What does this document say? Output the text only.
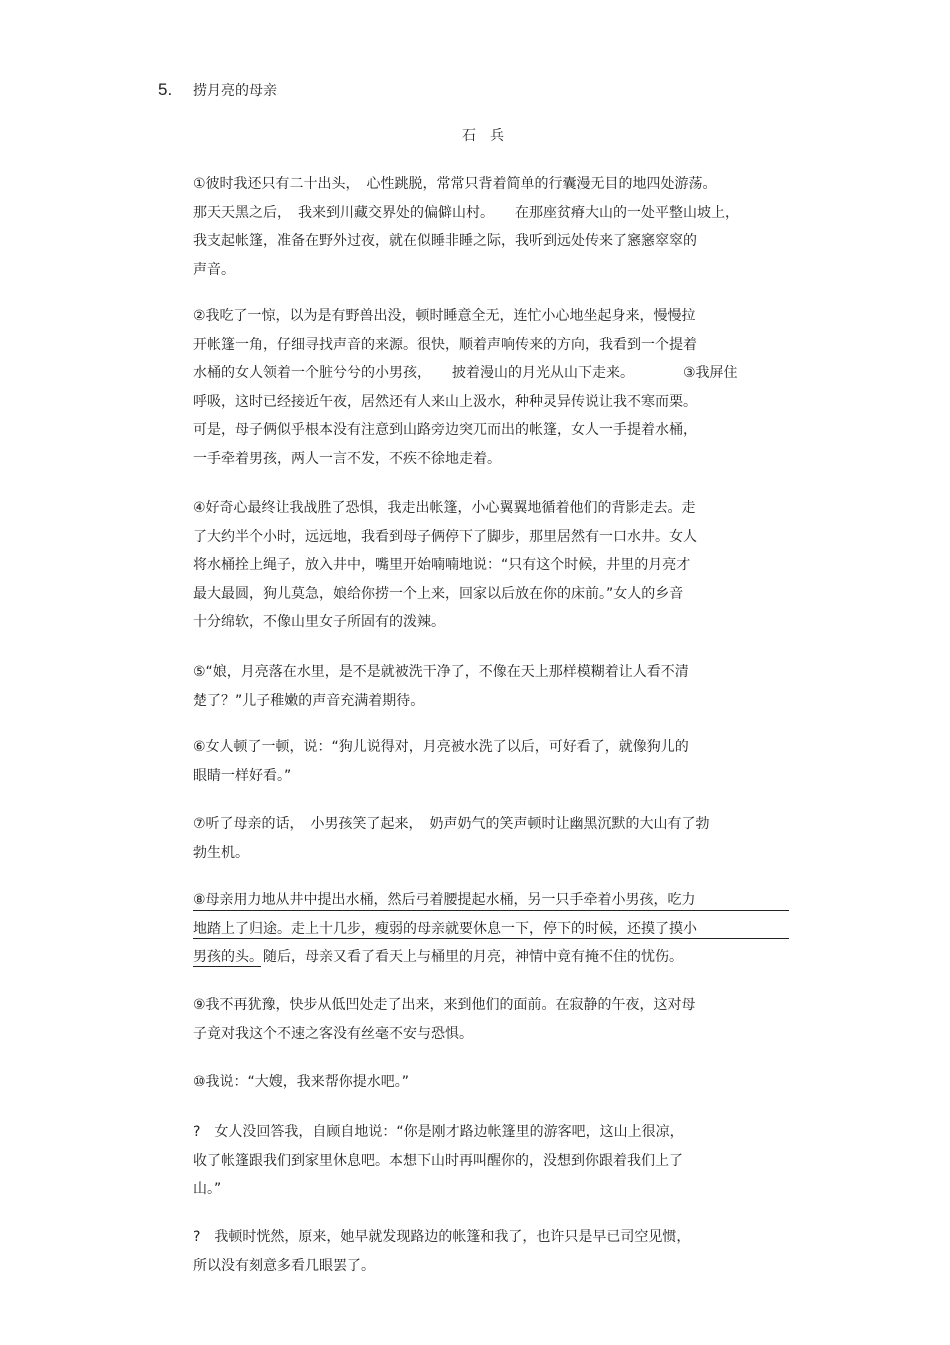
5. 捞月亮的母亲
石兵

①彼时我还只有二十出头，　心性跳脱，常常只背着简单的行囊漫无目的地四处游荡。
那天天黑之后，　我来到川藏交界处的偏僻山村。　　在那座贫瘠大山的一处平整山坡上，
我支起帐篷，准备在野外过夜，就在似睡非睡之际，我听到远处传来了窸窸窣窣的
声音。

②我吃了一惊，以为是有野兽出没，顿时睡意全无，连忙小心地坐起身来，慢慢拉
开帐篷一角，仔细寻找声音的来源。很快，顺着声响传来的方向，我看到一个提着
水桶的女人领着一个脏兮兮的小男孩，　　披着漫山的月光从山下走来。　　　　③我屏住
呼吸，这时已经接近午夜，居然还有人来山上汲水，种种灵异传说让我不寒而栗。
可是，母子俩似乎根本没有注意到山路旁边突兀而出的帐篷，女人一手提着水桶，
一手牵着男孩，两人一言不发，不疾不徐地走着。

④好奇心最终让我战胜了恐惧，我走出帐篷，小心翼翼地循着他们的背影走去。走
了大约半个小时，远远地，我看到母子俩停下了脚步，那里居然有一口水井。女人
将水桶拴上绳子，放入井中，嘴里开始喃喃地说：“只有这个时候，井里的月亮才
最大最圆，狗儿莫急，娘给你捞一个上来，回家以后放在你的床前。”女人的乡音
十分绵软，不像山里女子所固有的泼辣。

⑤“娘，月亮落在水里，是不是就被洗干净了，不像在天上那样模糊着让人看不清
楚了？”儿子稚嫩的声音充满着期待。

⑥女人顿了一顿，说：“狗儿说得对，月亮被水洗了以后，可好看了，就像狗儿的
眼睛一样好看。”

⑦听了母亲的话，　小男孩笑了起来，　奶声奶气的笑声顿时让幽黑沉默的大山有了勃
勃生机。

⑧母亲用力地从井中提出水桶，然后弓着腰提起水桶，另一只手牵着小男孩，吃力
地踏上了归途。走上十几步，瘦弱的母亲就要休息一下，停下的时候，还摸了摸小
男孩的头。随后，母亲又看了看天上与桶里的月亮，神情中竟有掩不住的忧伤。

⑨我不再犹豫，快步从低凹处走了出来，来到他们的面前。在寂静的午夜，这对母
子竟对我这个不速之客没有丝毫不安与恐惧。

⑩我说：“大嫂，我来帮你提水吧。”

?　女人没回答我，自顾自地说：“你是刚才路边帐篷里的游客吧，这山上很凉，
收了帐篷跟我们到家里休息吧。本想下山时再叫醒你的，没想到你跟着我们上了
山。”

?　我顿时恍然，原来，她早就发现路边的帐篷和我了，也许只是早已司空见惯，
所以没有刻意多看几眼罢了。
